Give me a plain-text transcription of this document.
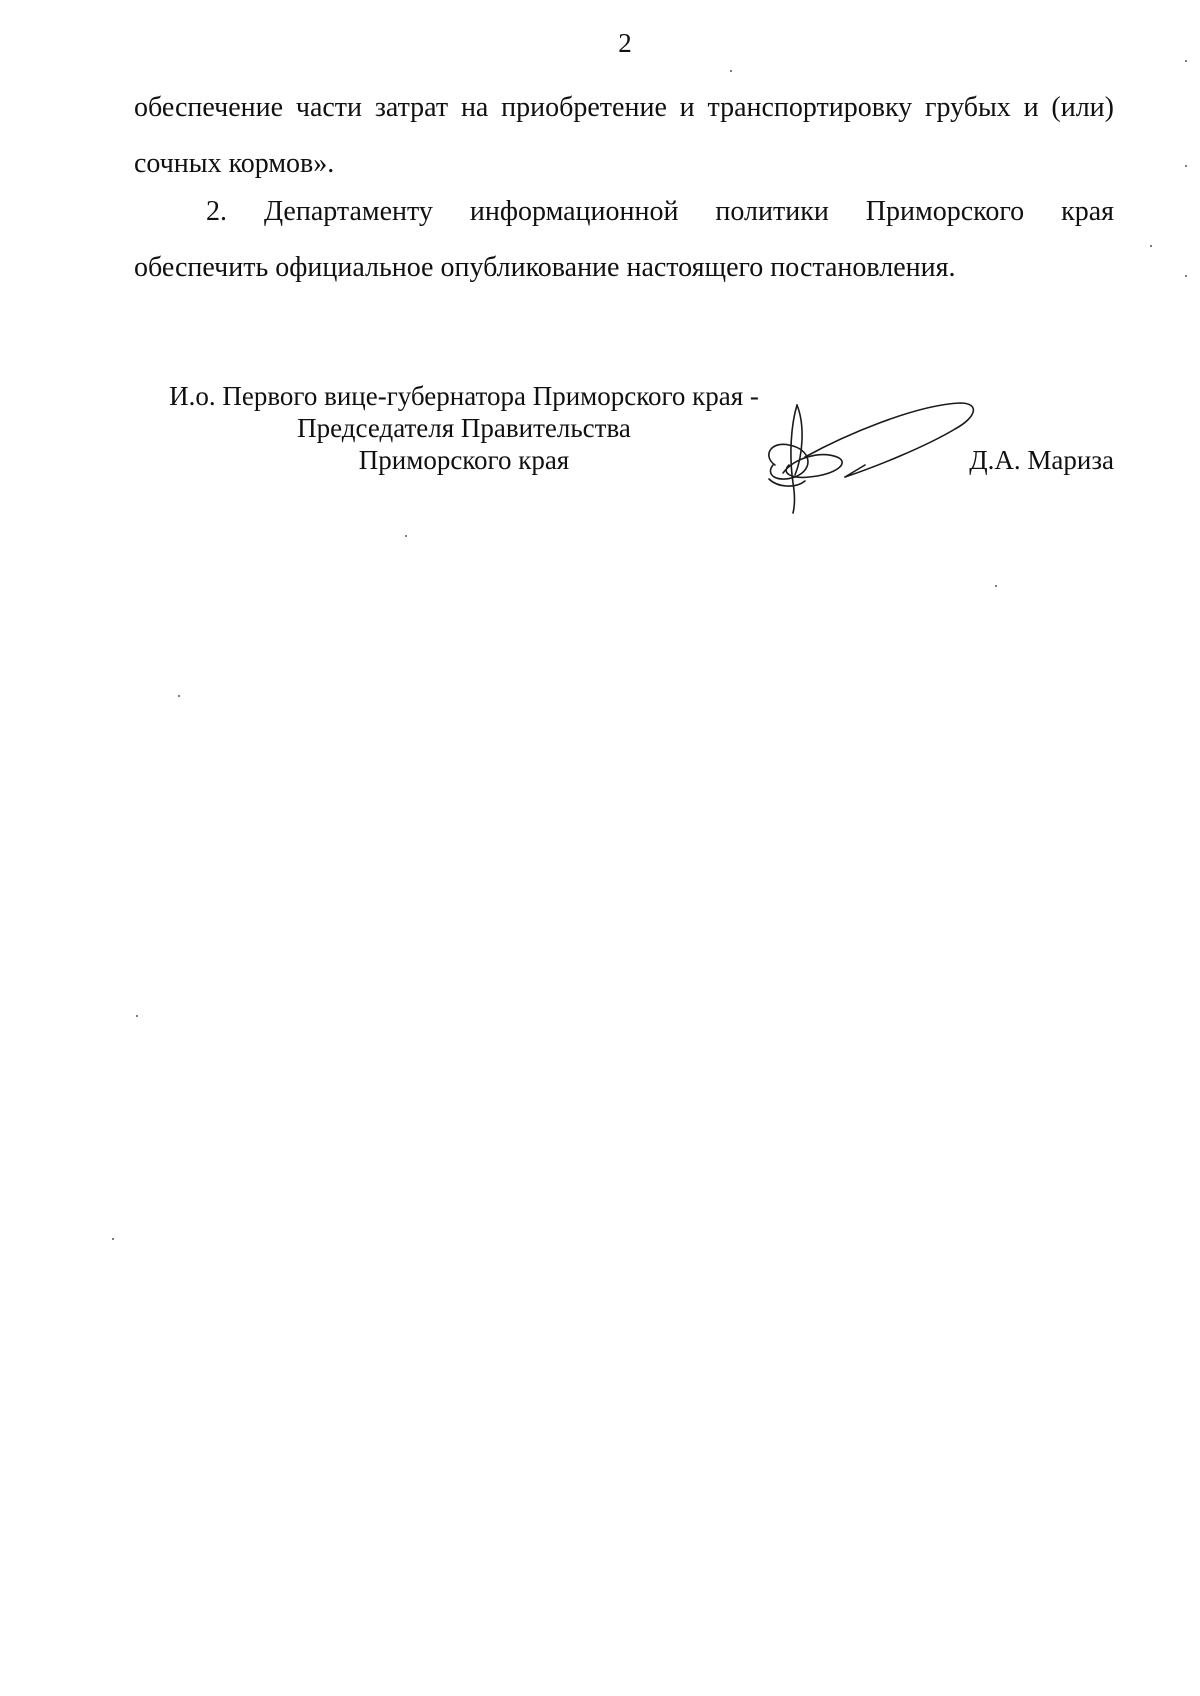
2
обеспечение части затрат на приобретение и транспортировку грубых и (или)
сочных кормов».
2. Департаменту информационной политики Приморского края
обеспечить официальное опубликование настоящего постановления.
И.о. Первого вице-губернатора Приморского края -
Председателя Правительства
Приморского края	Д.А. Мариза
